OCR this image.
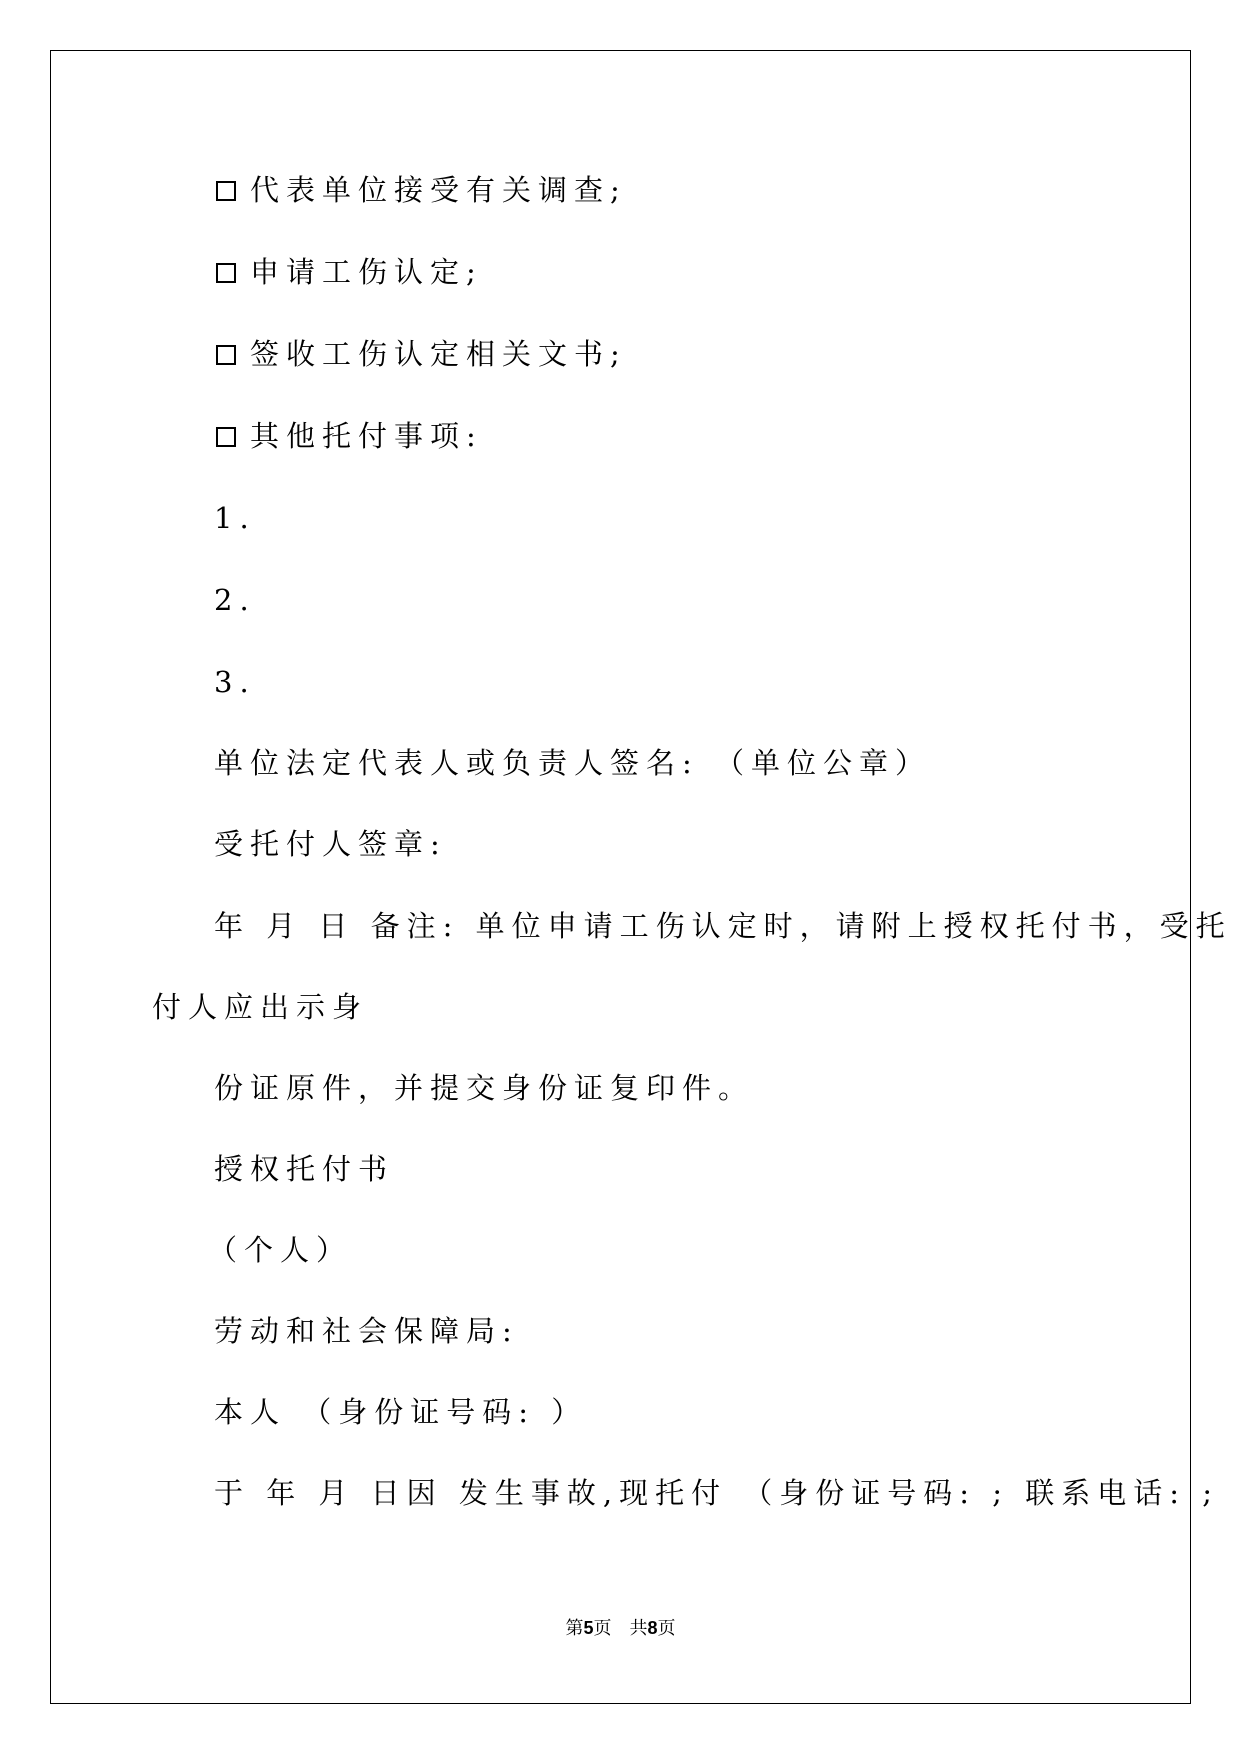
代表单位接受有关调查;
申请工伤认定;
签收工伤认定相关文书;
其他托付事项:
1.
2.
3.
单位法定代表人或负责人签名: （单位公章）
受托付人签章:
年 月 日 备注: 单位申请工伤认定时，请附上授权托付书，受托
付人应出示身
份证原件，并提交身份证复印件。
授权托付书
（个人）
劳动和社会保障局:
本人 （身份证号码: ）
于 年 月 日因 发生事故,现托付 （身份证号码: ; 联系电话: ;
第5页 共8页
